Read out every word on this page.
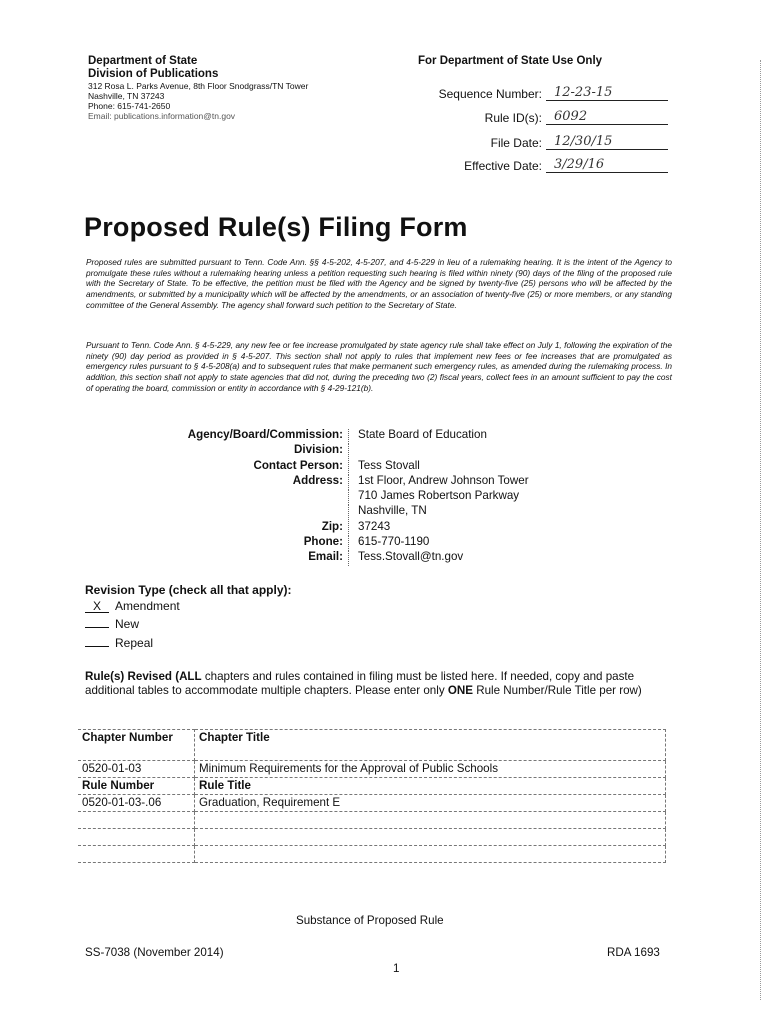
Department of State
Division of Publications
312 Rosa L. Parks Avenue, 8th Floor Snodgrass/TN Tower
Nashville, TN 37243
Phone: 615-741-2650
Email: publications.information@tn.gov
For Department of State Use Only
Sequence Number: 12-23-15
Rule ID(s): 6092
File Date: 12/30/15
Effective Date: 3/29/16
Proposed Rule(s) Filing Form
Proposed rules are submitted pursuant to Tenn. Code Ann. §§ 4-5-202, 4-5-207, and 4-5-229 in lieu of a rulemaking hearing. It is the intent of the Agency to promulgate these rules without a rulemaking hearing unless a petition requesting such hearing is filed within ninety (90) days of the filing of the proposed rule with the Secretary of State. To be effective, the petition must be filed with the Agency and be signed by twenty-five (25) persons who will be affected by the amendments, or submitted by a municipality which will be affected by the amendments, or an association of twenty-five (25) or more members, or any standing committee of the General Assembly. The agency shall forward such petition to the Secretary of State.
Pursuant to Tenn. Code Ann. § 4-5-229, any new fee or fee increase promulgated by state agency rule shall take effect on July 1, following the expiration of the ninety (90) day period as provided in § 4-5-207. This section shall not apply to rules that implement new fees or fee increases that are promulgated as emergency rules pursuant to § 4-5-208(a) and to subsequent rules that make permanent such emergency rules, as amended during the rulemaking process. In addition, this section shall not apply to state agencies that did not, during the preceding two (2) fiscal years, collect fees in an amount sufficient to pay the cost of operating the board, commission or entity in accordance with § 4-29-121(b).
Agency/Board/Commission: State Board of Education
Division:
Contact Person: Tess Stovall
Address: 1st Floor, Andrew Johnson Tower
710 James Robertson Parkway
Nashville, TN
Zip: 37243
Phone: 615-770-1190
Email: Tess.Stovall@tn.gov
Revision Type (check all that apply):
X Amendment
New
Repeal
Rule(s) Revised (ALL chapters and rules contained in filing must be listed here. If needed, copy and paste additional tables to accommodate multiple chapters. Please enter only ONE Rule Number/Rule Title per row)
Chapter Number	Chapter Title
0520-01-03	Minimum Requirements for the Approval of Public Schools
Rule Number	Rule Title
0520-01-03-.06	Graduation, Requirement E

Substance of Proposed Rule
SS-7038 (November 2014)	RDA 1693
1
